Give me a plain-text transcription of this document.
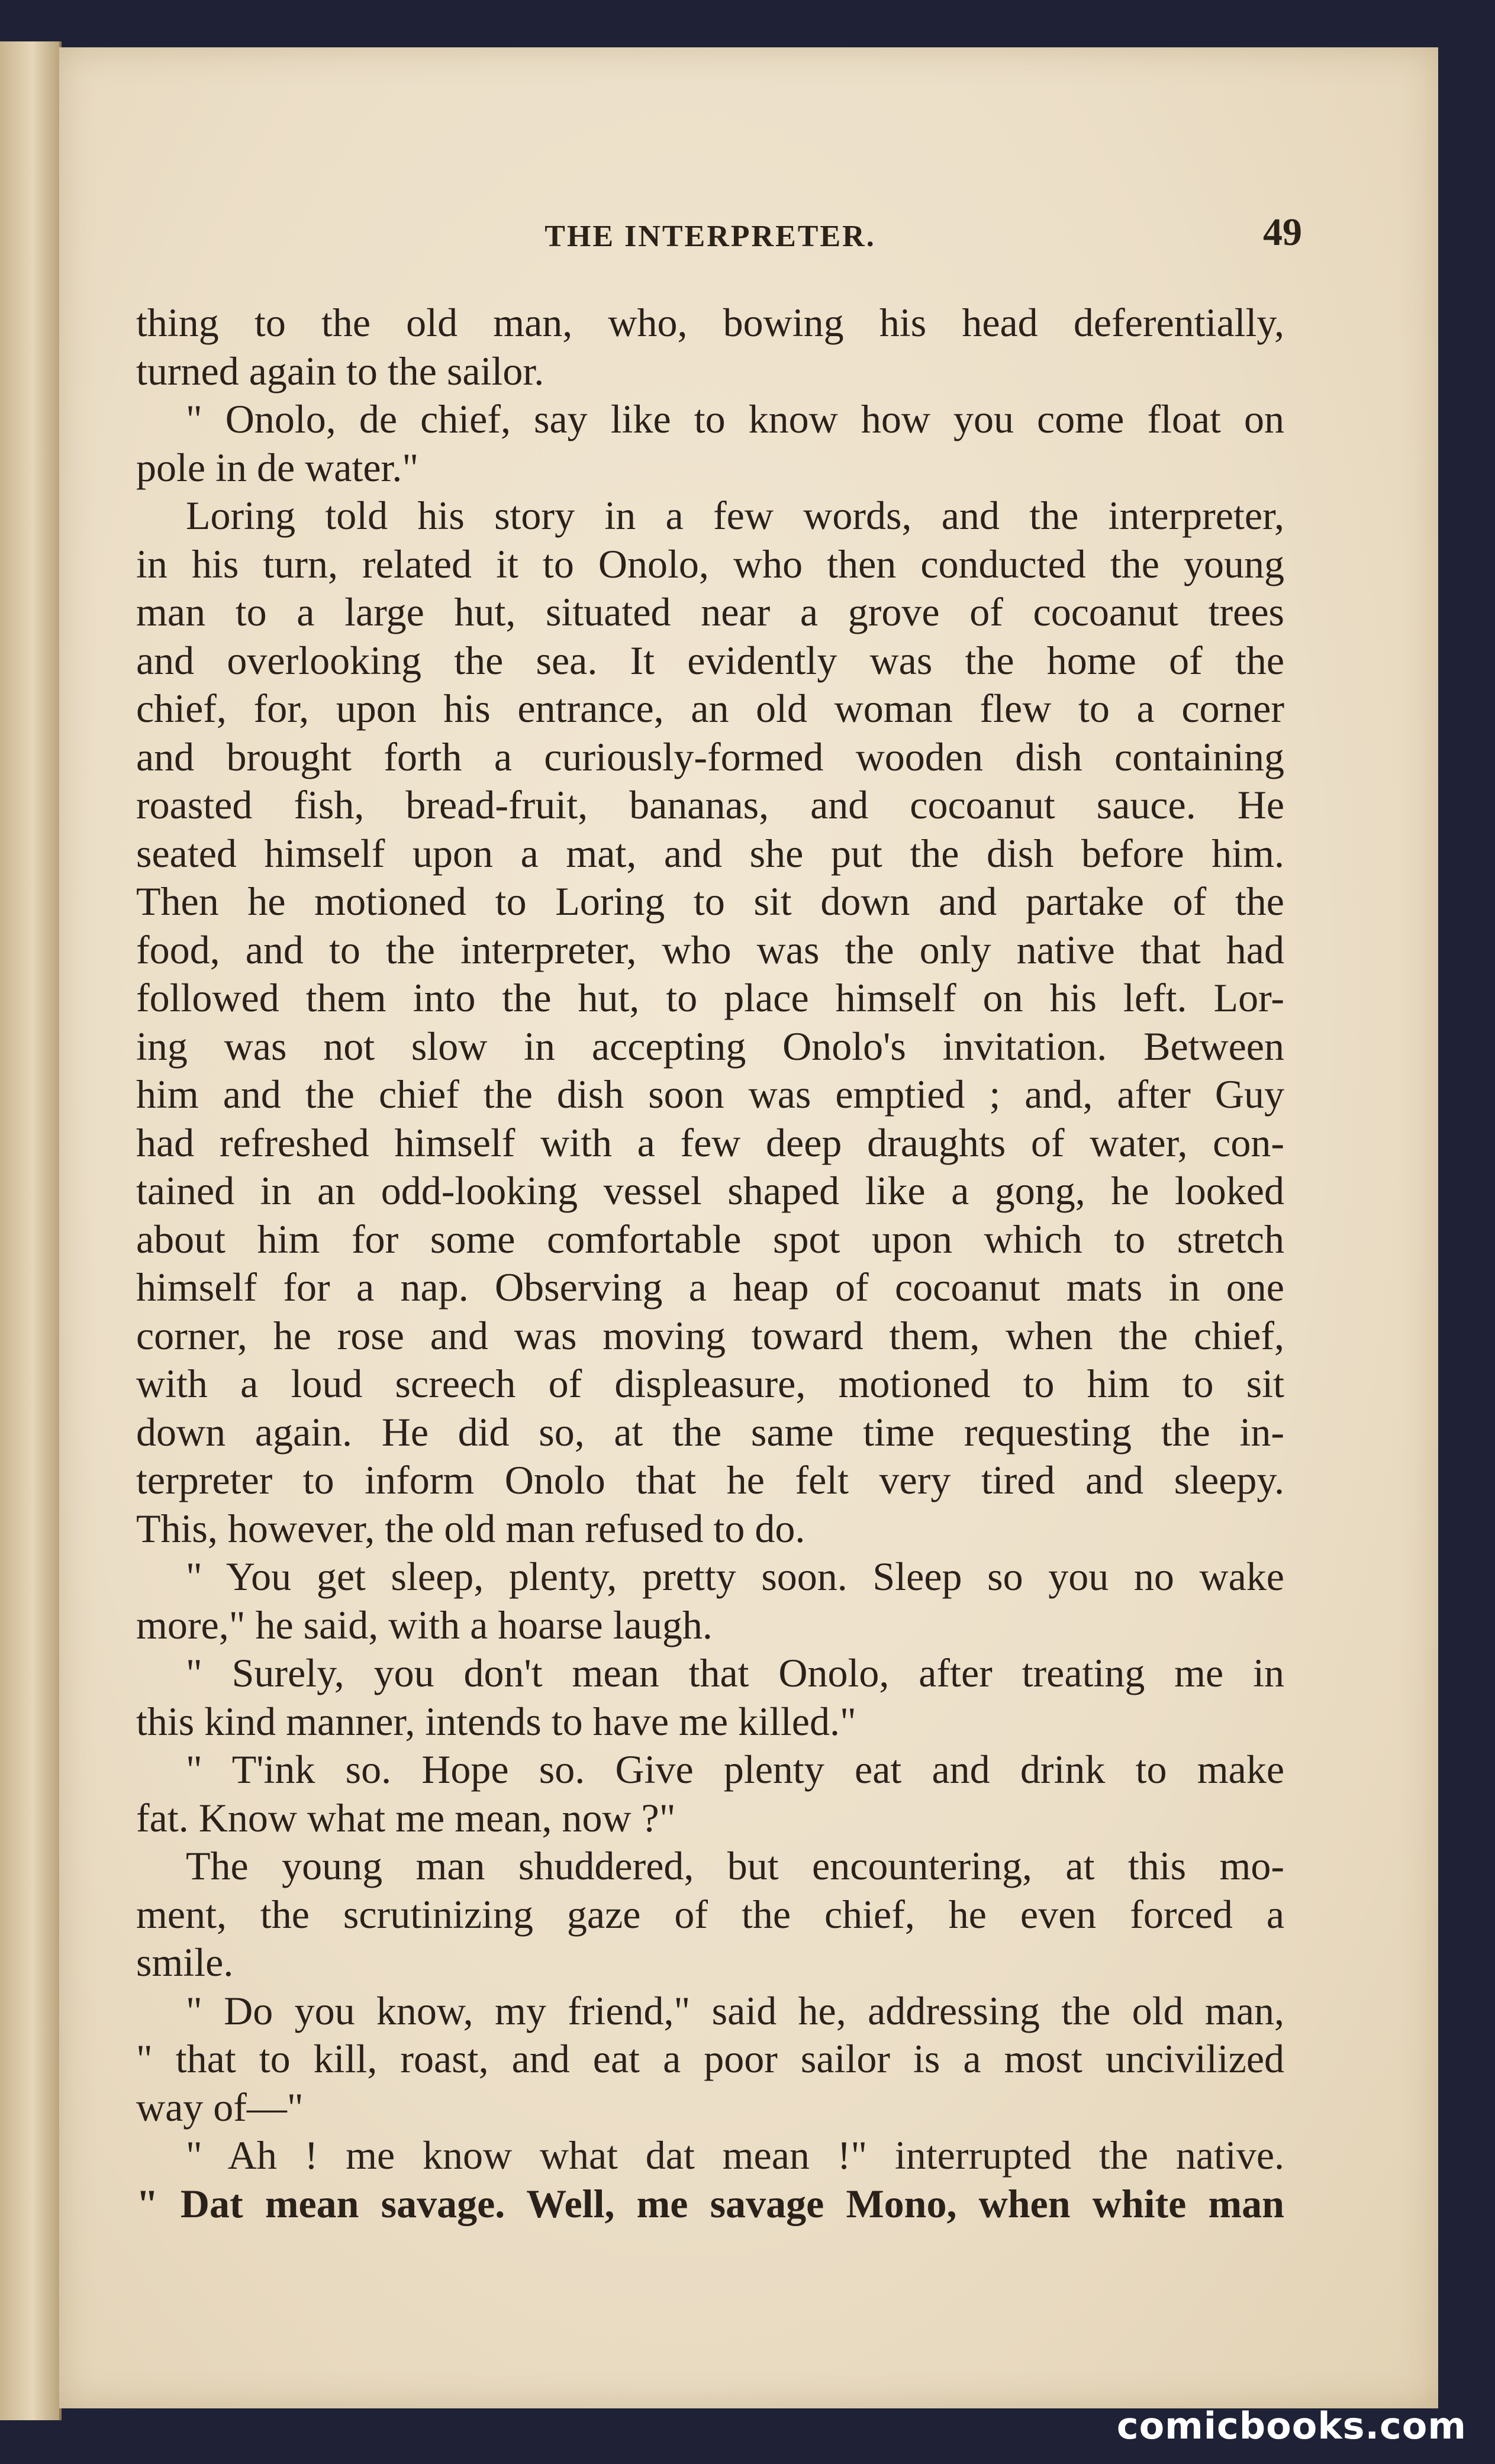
THE INTERPRETER.	49
thing to the old man, who, bowing his head deferentially,
turned again to the sailor.
" Onolo, de chief, say like to know how you come float on
pole in de water."
Loring told his story in a few words, and the interpreter,
in his turn, related it to Onolo, who then conducted the young
man to a large hut, situated near a grove of cocoanut trees
and overlooking the sea. It evidently was the home of the
chief, for, upon his entrance, an old woman flew to a corner
and brought forth a curiously-formed wooden dish containing
roasted fish, bread-fruit, bananas, and cocoanut sauce. He
seated himself upon a mat, and she put the dish before him.
Then he motioned to Loring to sit down and partake of the
food, and to the interpreter, who was the only native that had
followed them into the hut, to place himself on his left. Lor-
ing was not slow in accepting Onolo's invitation. Between
him and the chief the dish soon was emptied ; and, after Guy
had refreshed himself with a few deep draughts of water, con-
tained in an odd-looking vessel shaped like a gong, he looked
about him for some comfortable spot upon which to stretch
himself for a nap. Observing a heap of cocoanut mats in one
corner, he rose and was moving toward them, when the chief,
with a loud screech of displeasure, motioned to him to sit
down again. He did so, at the same time requesting the in-
terpreter to inform Onolo that he felt very tired and sleepy.
This, however, the old man refused to do.
" You get sleep, plenty, pretty soon. Sleep so you no wake
more," he said, with a hoarse laugh.
" Surely, you don't mean that Onolo, after treating me in
this kind manner, intends to have me killed."
" T'ink so. Hope so. Give plenty eat and drink to make
fat. Know what me mean, now ?"
The young man shuddered, but encountering, at this mo-
ment, the scrutinizing gaze of the chief, he even forced a
smile.
" Do you know, my friend," said he, addressing the old man,
" that to kill, roast, and eat a poor sailor is a most uncivilized
way of—"
" Ah ! me know what dat mean !" interrupted the native.
" Dat mean savage. Well, me savage Mono, when white man
comicbooks.com
